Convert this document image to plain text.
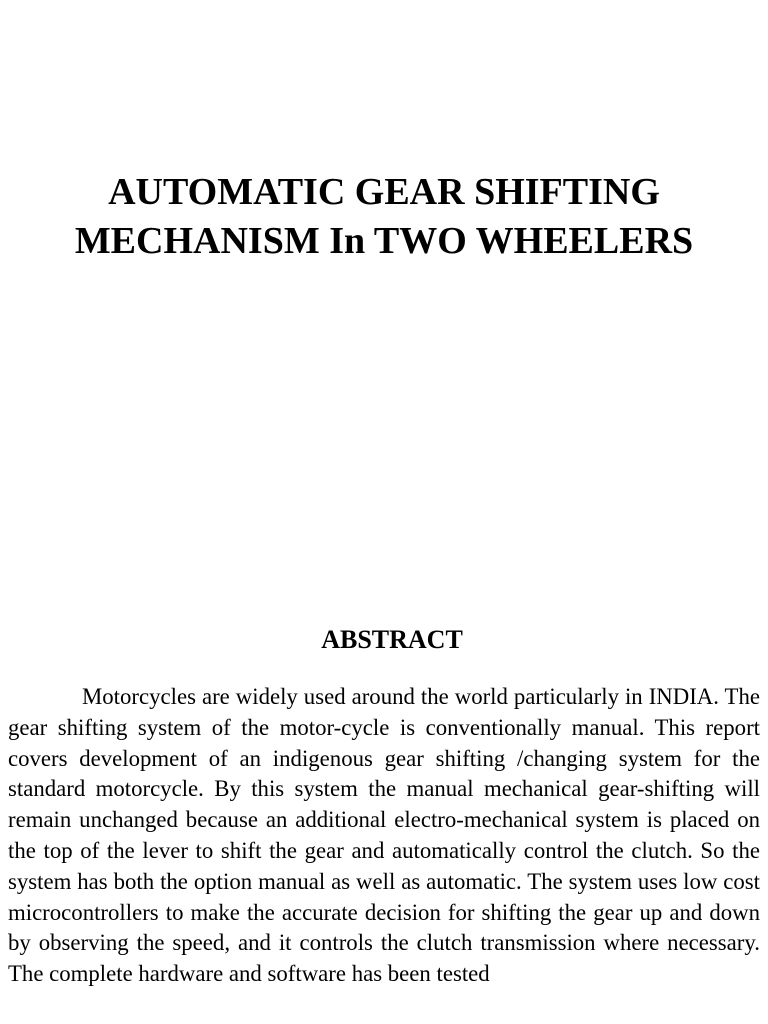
AUTOMATIC GEAR SHIFTING
MECHANISM In TWO WHEELERS
ABSTRACT

Motorcycles are widely used around the world particularly in INDIA. The gear shifting system of the motor-cycle is conventionally manual. This report covers development of an indigenous gear shifting /changing system for the standard motorcycle. By this system the manual mechanical gear-shifting will remain unchanged because an additional electro-mechanical system is placed on the top of the lever to shift the gear and automatically control the clutch. So the system has both the option manual as well as automatic. The system uses low cost microcontrollers to make the accurate decision for shifting the gear up and down by observing the speed, and it controls the clutch transmission where necessary. The complete hardware and software has been tested
